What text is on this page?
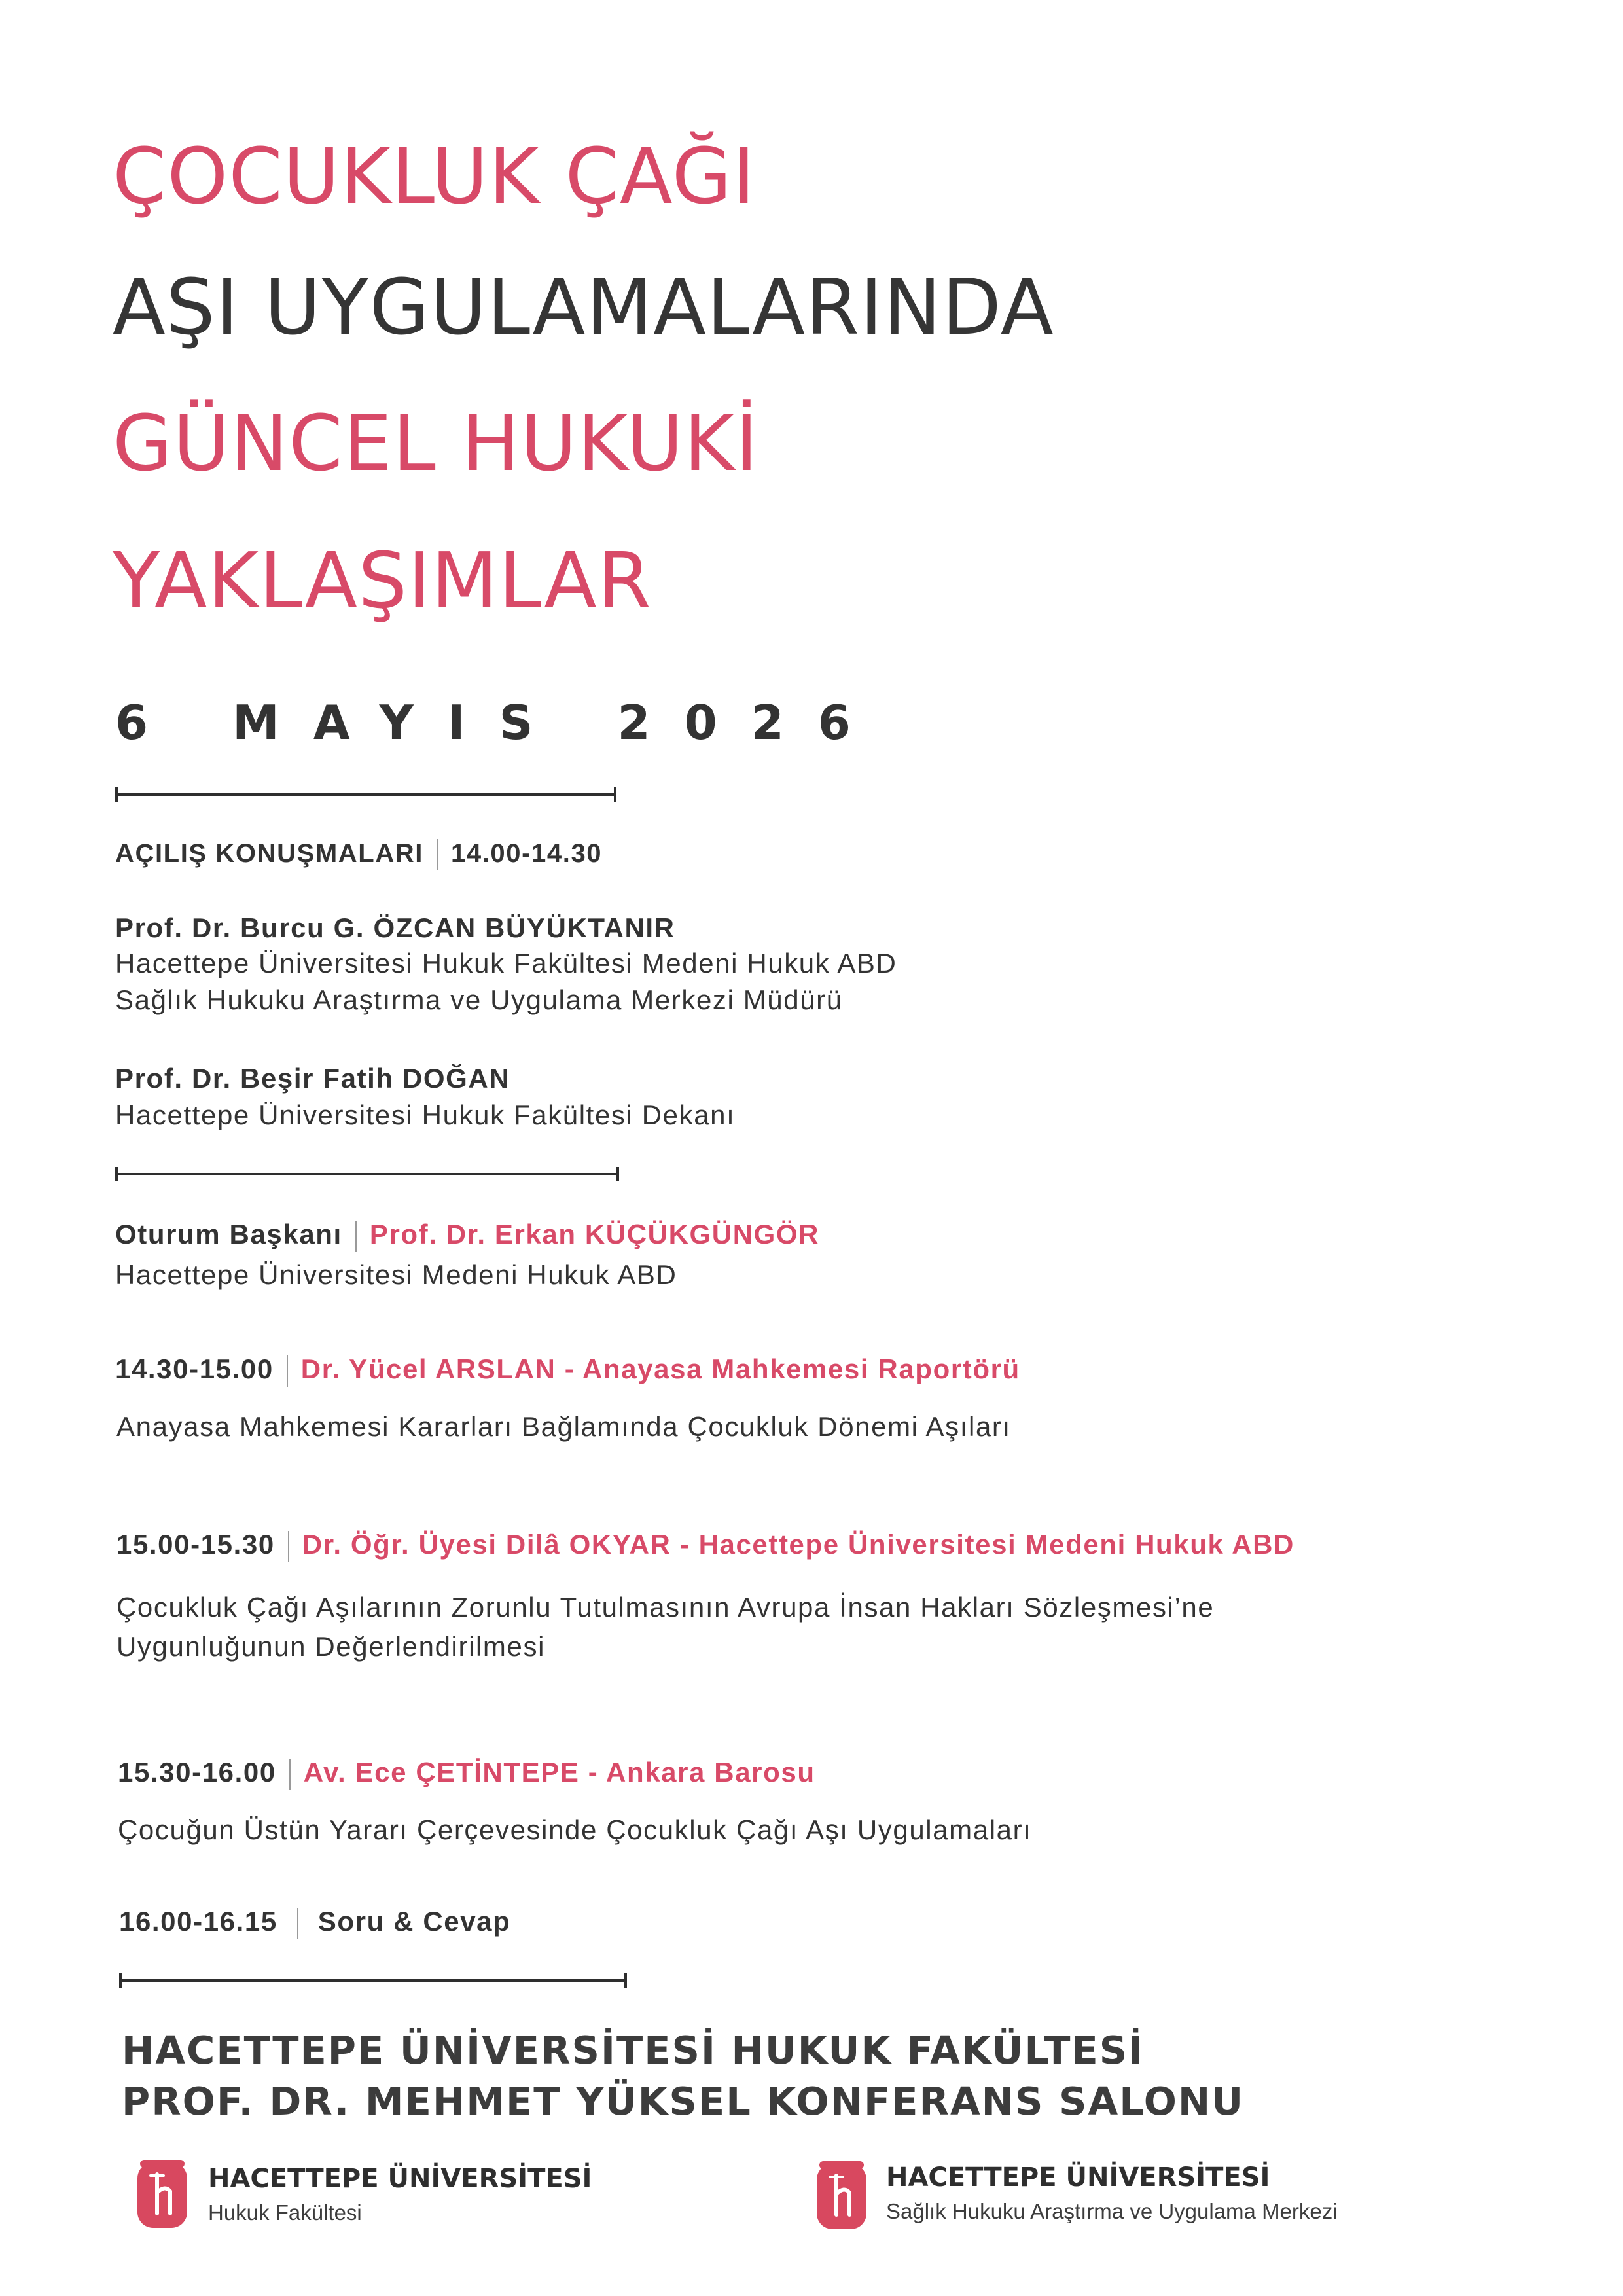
ÇOCUKLUK ÇAĞI
AŞI UYGULAMALARINDA
GÜNCEL HUKUKİ
YAKLAŞIMLAR
6 MAYIS 2026
AÇILIŞ KONUŞMALARI 14.00-14.30
Prof. Dr. Burcu G. ÖZCAN BÜYÜKTANIR
Hacettepe Üniversitesi Hukuk Fakültesi Medeni Hukuk ABD
Sağlık Hukuku Araştırma ve Uygulama Merkezi Müdürü
Prof. Dr. Beşir Fatih DOĞAN
Hacettepe Üniversitesi Hukuk Fakültesi Dekanı
Oturum Başkanı Prof. Dr. Erkan KÜÇÜKGÜNGÖR
Hacettepe Üniversitesi Medeni Hukuk ABD
14.30-15.00 Dr. Yücel ARSLAN - Anayasa Mahkemesi Raportörü
Anayasa Mahkemesi Kararları Bağlamında Çocukluk Dönemi Aşıları
15.00-15.30 Dr. Öğr. Üyesi Dilâ OKYAR - Hacettepe Üniversitesi Medeni Hukuk ABD
Çocukluk Çağı Aşılarının Zorunlu Tutulmasının Avrupa İnsan Hakları Sözleşmesi’ne
Uygunluğunun Değerlendirilmesi
15.30-16.00 Av. Ece ÇETİNTEPE - Ankara Barosu
Çocuğun Üstün Yararı Çerçevesinde Çocukluk Çağı Aşı Uygulamaları
16.00-16.15 Soru & Cevap
HACETTEPE ÜNİVERSİTESİ HUKUK FAKÜLTESİ
PROF. DR. MEHMET YÜKSEL KONFERANS SALONU
HACETTEPE ÜNİVERSİTESİ
Hukuk Fakültesi
HACETTEPE ÜNİVERSİTESİ
Sağlık Hukuku Araştırma ve Uygulama Merkezi
